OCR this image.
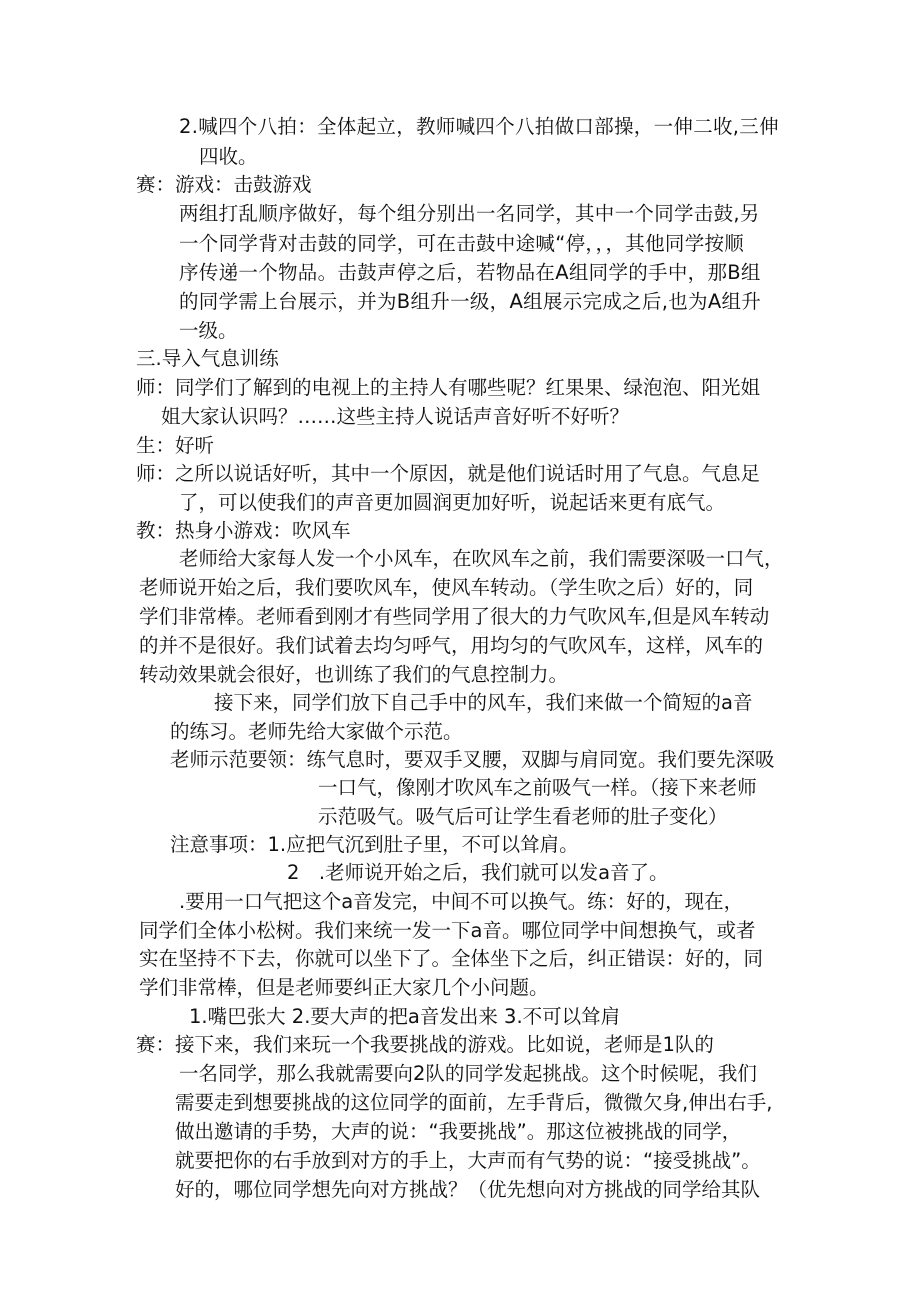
2.喊四个八拍：全体起立，教师喊四个八拍做口部操，一伸二收,三伸
四收。
赛：游戏：击鼓游戏
两组打乱顺序做好，每个组分别出一名同学，其中一个同学击鼓,另
一个同学背对击鼓的同学，可在击鼓中途喊“停，，，其他同学按顺
序传递一个物品。击鼓声停之后，若物品在A组同学的手中，那B组
的同学需上台展示，并为B组升一级，A组展示完成之后,也为A组升
一级。
三.导入气息训练
师：同学们了解到的电视上的主持人有哪些呢？红果果、绿泡泡、阳光姐
姐大家认识吗？……这些主持人说话声音好听不好听？
生：好听
师：之所以说话好听，其中一个原因，就是他们说话时用了气息。气息足
了，可以使我们的声音更加圆润更加好听，说起话来更有底气。
教：热身小游戏：吹风车
老师给大家每人发一个小风车，在吹风车之前，我们需要深吸一口气，
老师说开始之后，我们要吹风车，使风车转动。（学生吹之后）好的，同
学们非常棒。老师看到刚才有些同学用了很大的力气吹风车,但是风车转动
的并不是很好。我们试着去均匀呼气，用均匀的气吹风车，这样，风车的
转动效果就会很好，也训练了我们的气息控制力。
接下来，同学们放下自己手中的风车，我们来做一个简短的a音
的练习。老师先给大家做个示范。
老师示范要领：练气息时，要双手叉腰，双脚与肩同宽。我们要先深吸
一口气，像刚才吹风车之前吸气一样。（接下来老师
示范吸气。吸气后可让学生看老师的肚子变化）
注意事项：1.应把气沉到肚子里，不可以耸肩。
2　.老师说开始之后，我们就可以发a音了。
.要用一口气把这个a音发完，中间不可以换气。练：好的，现在，
同学们全体小松树。我们来统一发一下a音。哪位同学中间想换气，或者
实在坚持不下去，你就可以坐下了。全体坐下之后，纠正错误：好的，同
学们非常棒，但是老师要纠正大家几个小问题。
1.嘴巴张大 2.要大声的把a音发出来 3.不可以耸肩
赛：接下来，我们来玩一个我要挑战的游戏。比如说，老师是1队的
一名同学，那么我就需要向2队的同学发起挑战。这个时候呢，我们
需要走到想要挑战的这位同学的面前，左手背后，微微欠身,伸出右手,
做出邀请的手势，大声的说：“我要挑战”。那这位被挑战的同学，
就要把你的右手放到对方的手上，大声而有气势的说：“接受挑战”。
好的，哪位同学想先向对方挑战？（优先想向对方挑战的同学给其队
